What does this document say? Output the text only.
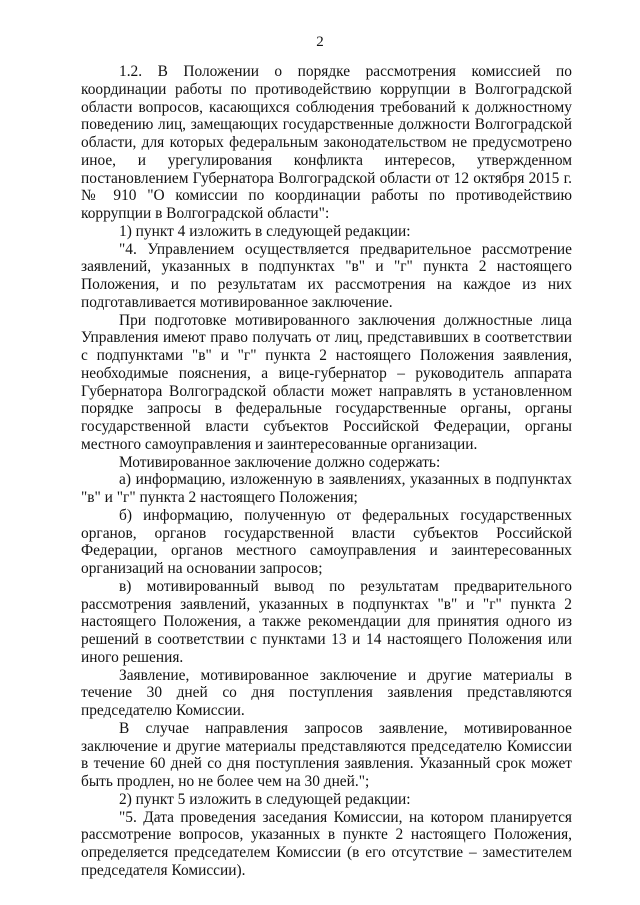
2

1.2. В Положении о порядке рассмотрения комиссией по координации работы по противодействию коррупции в Волгоградской области вопросов, касающихся соблюдения требований к должностному поведению лиц, замещающих государственные должности Волгоградской области, для которых федеральным законодательством не предусмотрено иное, и урегулирования конфликта интересов, утвержденном постановлением Губернатора Волгоградской области от 12 октября 2015 г. № 910 "О комиссии по координации работы по противодействию коррупции в Волгоградской области":

1) пункт 4 изложить в следующей редакции:

"4. Управлением осуществляется предварительное рассмотрение заявлений, указанных в подпунктах "в" и "г" пункта 2 настоящего Положения, и по результатам их рассмотрения на каждое из них подготавливается мотивированное заключение.

При подготовке мотивированного заключения должностные лица Управления имеют право получать от лиц, представивших в соответствии с подпунктами "в" и "г" пункта 2 настоящего Положения заявления, необходимые пояснения, а вице-губернатор – руководитель аппарата Губернатора Волгоградской области может направлять в установленном порядке запросы в федеральные государственные органы, органы государственной власти субъектов Российской Федерации, органы местного самоуправления и заинтересованные организации.

Мотивированное заключение должно содержать:

а) информацию, изложенную в заявлениях, указанных в подпунктах "в" и "г" пункта 2 настоящего Положения;

б) информацию, полученную от федеральных государственных органов, органов государственной власти субъектов Российской Федерации, органов местного самоуправления и заинтересованных организаций на основании запросов;

в) мотивированный вывод по результатам предварительного рассмотрения заявлений, указанных в подпунктах "в" и "г" пункта 2 настоящего Положения, а также рекомендации для принятия одного из решений в соответствии с пунктами 13 и 14 настоящего Положения или иного решения.

Заявление, мотивированное заключение и другие материалы в течение 30 дней со дня поступления заявления представляются председателю Комиссии.

В случае направления запросов заявление, мотивированное заключение и другие материалы представляются председателю Комиссии в течение 60 дней со дня поступления заявления. Указанный срок может быть продлен, но не более чем на 30 дней.";

2) пункт 5 изложить в следующей редакции:

"5. Дата проведения заседания Комиссии, на котором планируется рассмотрение вопросов, указанных в пункте 2 настоящего Положения, определяется председателем Комиссии (в его отсутствие – заместителем председателя Комиссии).
